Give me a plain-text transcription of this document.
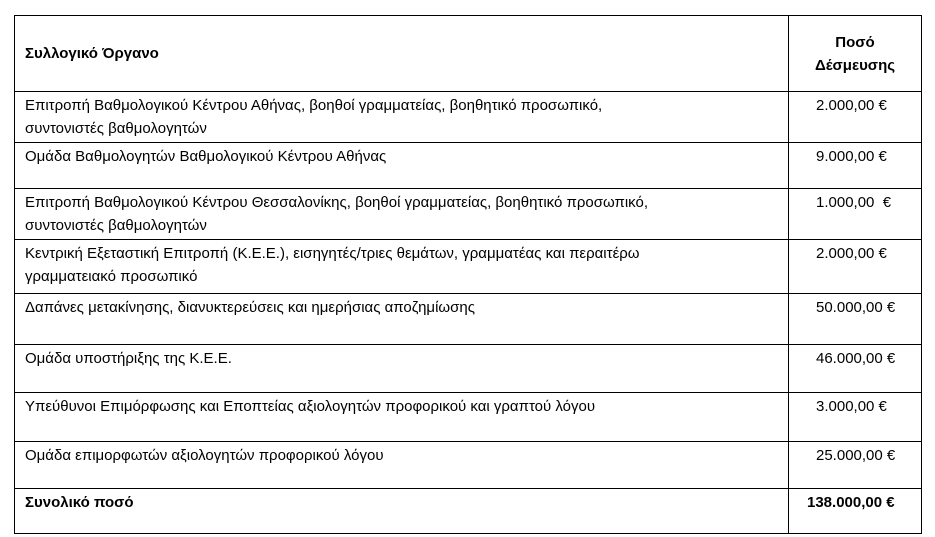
Συλλογικό Όργανο	Ποσό
Δέσμευσης

Επιτροπή Βαθμολογικού Κέντρου Αθήνας, βοηθοί γραμματείας, βοηθητικό προσωπικό,
συντονιστές βαθμολογητών	2.000,00 €

Ομάδα Βαθμολογητών Βαθμολογικού Κέντρου Αθήνας	9.000,00 €

Επιτροπή Βαθμολογικού Κέντρου Θεσσαλονίκης, βοηθοί γραμματείας, βοηθητικό προσωπικό,
συντονιστές βαθμολογητών	1.000,00  €

Κεντρική Εξεταστική Επιτροπή (Κ.Ε.Ε.), εισηγητές/τριες θεμάτων, γραμματέας και περαιτέρω
γραμματειακό προσωπικό	2.000,00 €

Δαπάνες μετακίνησης, διανυκτερεύσεις και ημερήσιας αποζημίωσης	50.000,00 €

Ομάδα υποστήριξης της Κ.Ε.Ε.	46.000,00 €

Υπεύθυνοι Επιμόρφωσης και Εποπτείας αξιολογητών προφορικού και γραπτού λόγου	3.000,00 €

Ομάδα επιμορφωτών αξιολογητών προφορικού λόγου	25.000,00 €
Συνολικό ποσό	138.000,00 €
